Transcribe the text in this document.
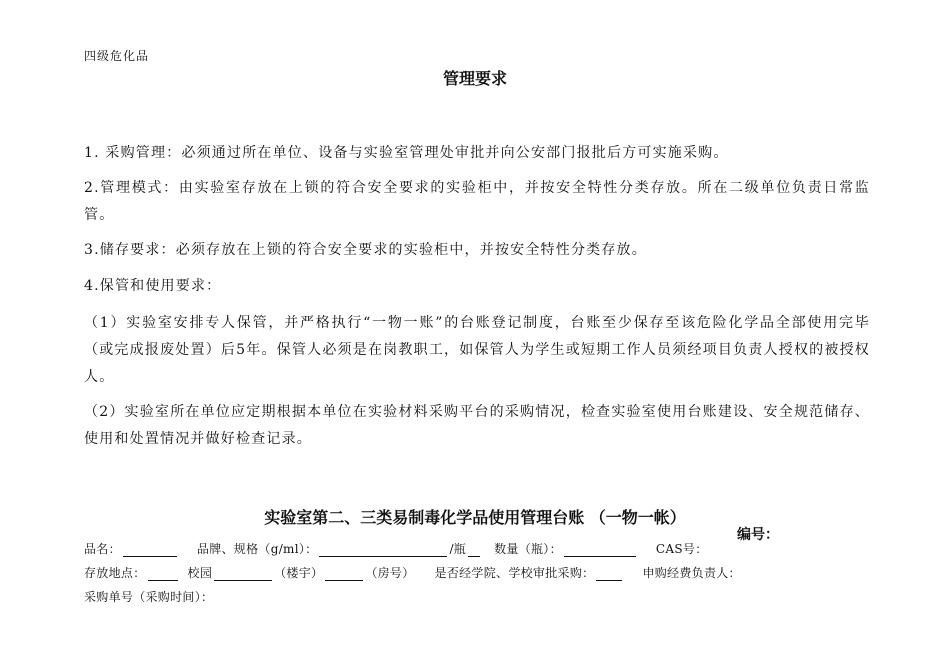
四级危化品
管理要求
1. 采购管理：必须通过所在单位、设备与实验室管理处审批并向公安部门报批后方可实施采购。
2.管理模式：由实验室存放在上锁的符合安全要求的实验柜中，并按安全特性分类存放。所在二级单位负责日常监管。
3.储存要求：必须存放在上锁的符合安全要求的实验柜中，并按安全特性分类存放。
4.保管和使用要求：
（1）实验室安排专人保管，并严格执行“一物一账”的台账登记制度，台账至少保存至该危险化学品全部使用完毕（或完成报废处置）后5年。保管人必须是在岗教职工，如保管人为学生或短期工作人员须经项目负责人授权的被授权人。
（2）实验室所在单位应定期根据本单位在实验材料采购平台的采购情况，检查实验室使用台账建设、安全规范储存、使用和处置情况并做好检查记录。
实验室第二、三类易制毒化学品使用管理台账 （一物一帐）
编号：
品名：	品牌、规格（g/ml）：	/瓶 数量（瓶）：	CAS号：
存放地点：	校园	（楼宇）	（房号） 是否经学院、学校审批采购：	申购经费负责人：
采购单号（采购时间）：
